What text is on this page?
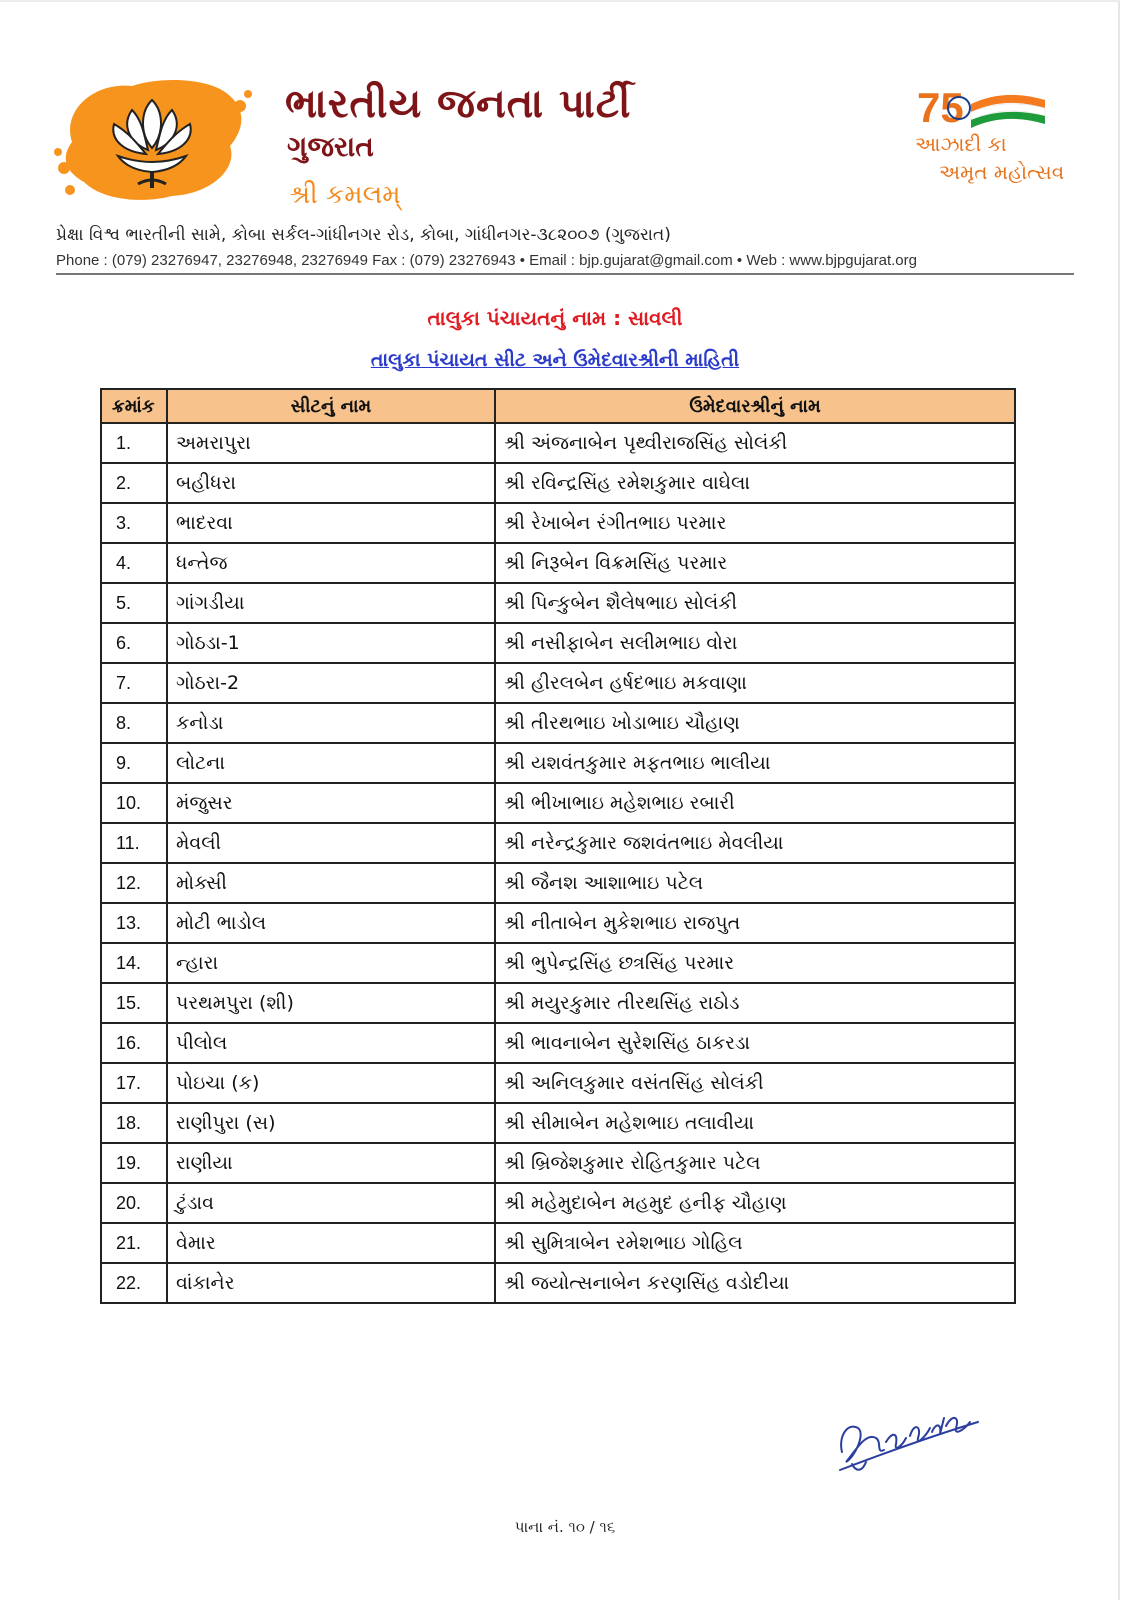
ભારતીય જનતા પાર્ટી
ગુજરાત
શ્રી કમલમ્
75
આઝાદી કા
અમૃત મહોત્સવ
પ્રેક્ષા વિશ્વ ભારતીની સામે, કોબા સર્કલ-ગાંધીનગર રોડ, કોબા, ગાંધીનગર-૩૮૨૦૦૭ (ગુજરાત)
Phone : (079) 23276947, 23276948, 23276949 Fax : (079) 23276943 • Email : bjp.gujarat@gmail.com • Web : www.bjpgujarat.org
તાલુકા પંચાયતનું નામ : સાવલી
તાલુકા પંચાયત સીટ અને ઉમેદવારશ્રીની માહિતી
ક્રમાંક	સીટનું નામ	ઉમેદવારશ્રીનું નામ
1.	અમરાપુરા	શ્રી અંજનાબેન પૃથ્વીરાજસિંહ સોલંકી
2.	બહીધરા	શ્રી રવિન્દ્રસિંહ રમેશકુમાર વાઘેલા
3.	ભાદરવા	શ્રી રેખાબેન રંગીતભાઇ પરમાર
4.	ધન્તેજ	શ્રી નિરૂબેન વિક્રમસિંહ પરમાર
5.	ગાંગડીયા	શ્રી પિન્કુબેન શૈલેષભાઇ સોલંકી
6.	ગોઠડા-1	શ્રી નસીફાબેન સલીમભાઇ વોરા
7.	ગોઠરા-2	શ્રી હીરલબેન હર્ષદભાઇ મકવાણા
8.	કનોડા	શ્રી તીરથભાઇ ખોડાભાઇ ચૌહાણ
9.	લોટના	શ્રી યશવંતકુમાર મફતભાઇ ભાલીયા
10.	મંજુસર	શ્રી ભીખાભાઇ મહેશભાઇ રબારી
11.	મેવલી	શ્રી નરેન્દ્રકુમાર જશવંતભાઇ મેવલીયા
12.	મોક્સી	શ્રી જૈનશ આશાભાઇ પટેલ
13.	મોટી ભાડોલ	શ્રી નીતાબેન મુકેશભાઇ રાજપુત
14.	ન્હારા	શ્રી ભુપેન્દ્રસિંહ છત્રસિંહ પરમાર
15.	પરથમપુરા (શી)	શ્રી મયુરકુમાર તીરથસિંહ રાઠોડ
16.	પીલોલ	શ્રી ભાવનાબેન સુરેશસિંહ ઠાકરડા
17.	પોઇચા (ક)	શ્રી અનિલકુમાર વસંતસિંહ સોલંકી
18.	રાણીપુરા (સ)	શ્રી સીમાબેન મહેશભાઇ તલાવીયા
19.	રાણીયા	શ્રી બ્રિજેશકુમાર રોહિતકુમાર પટેલ
20.	ટુંડાવ	શ્રી મહેમુદાબેન મહમુદ હનીફ ચૌહાણ
21.	વેમાર	શ્રી સુમિત્રાબેન રમેશભાઇ ગોહિલ
22.	વાંકાનેર	શ્રી જયોત્સનાબેન કરણસિંહ વડોદીયા
પાના નં. ૧૦ / ૧૬
